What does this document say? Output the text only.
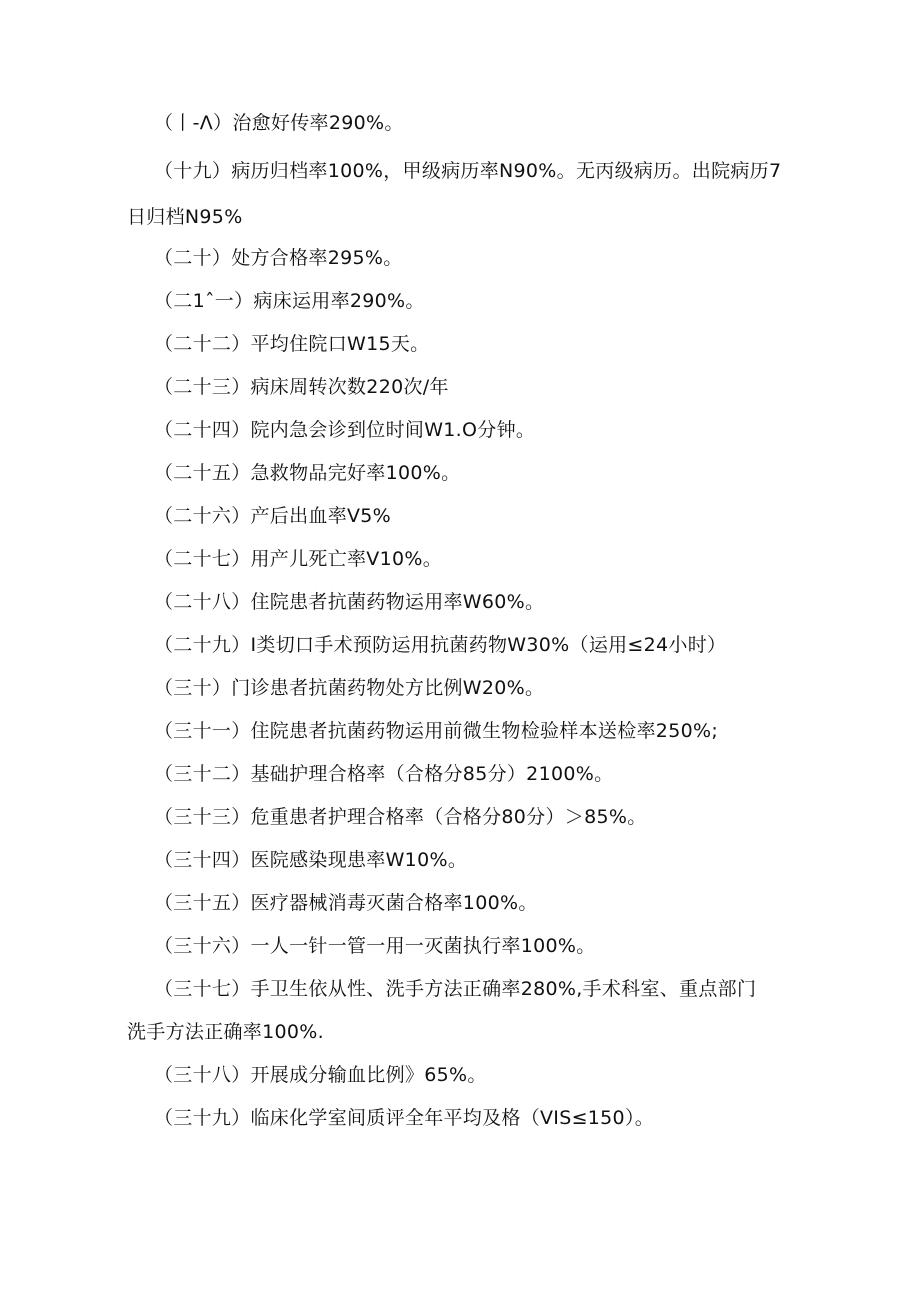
（丨-Λ）治愈好传率290%。
（十九）病历归档率100%，甲级病历率N90%。无丙级病历。出院病历7
日归档N95%
（二十）处方合格率295%。
（二1ˆ一）病床运用率290%。
（二十二）平均住院口W15天。
（二十三）病床周转次数220次/年
（二十四）院内急会诊到位时间W1.O分钟。
（二十五）急救物品完好率100%。
（二十六）产后出血率V5%
（二十七）用产儿死亡率V10%。
（二十八）住院患者抗菌药物运用率W60%。
（二十九）I类切口手术预防运用抗菌药物W30%（运用≤24小时）
（三十）门诊患者抗菌药物处方比例W20%。
（三十一）住院患者抗菌药物运用前微生物检验样本送检率250%;
（三十二）基础护理合格率（合格分85分）2100%。
（三十三）危重患者护理合格率（合格分80分）＞85%。
（三十四）医院感染现患率W10%。
（三十五）医疗器械消毒灭菌合格率100%。
（三十六）一人一针一管一用一灭菌执行率100%。
（三十七）手卫生依从性、洗手方法正确率280%,手术科室、重点部门
洗手方法正确率100%.
（三十八）开展成分输血比例》65%。
（三十九）临床化学室间质评全年平均及格（VIS≤150）。
